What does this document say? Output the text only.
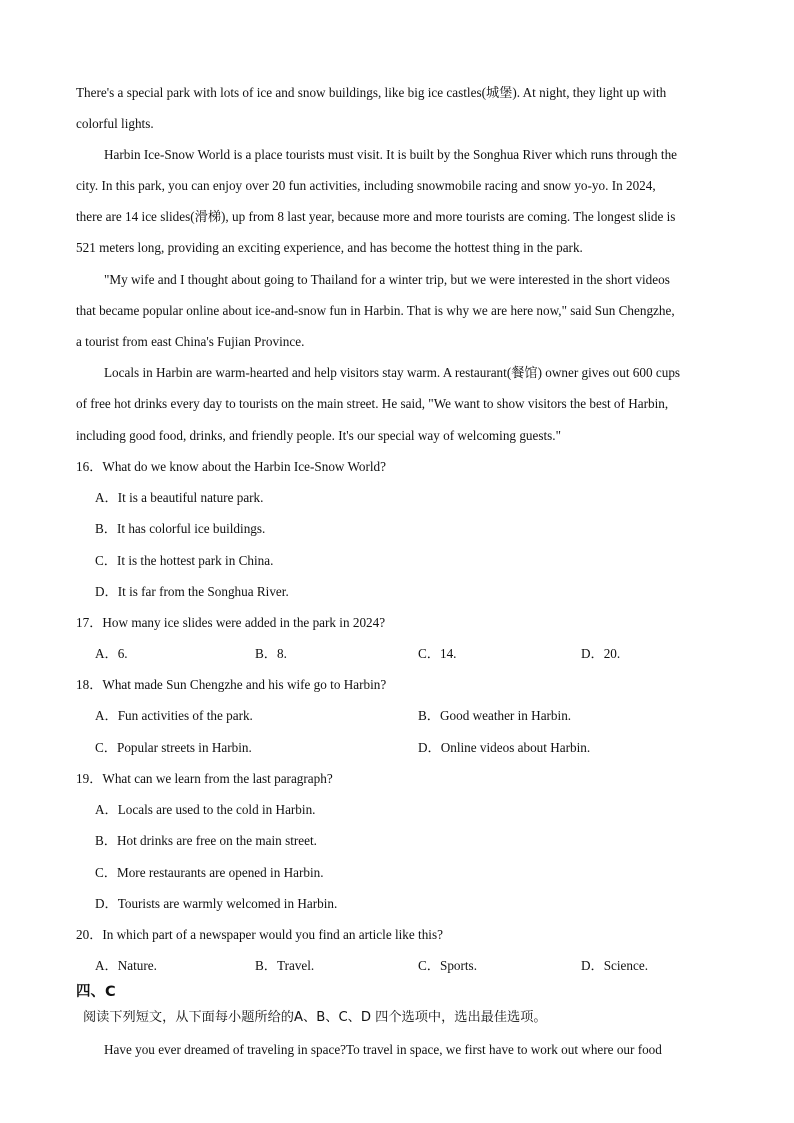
There's a special park with lots of ice and snow buildings, like big ice castles(城堡). At night, they light up with
colorful lights.
Harbin Ice-Snow World is a place tourists must visit. It is built by the Songhua River which runs through the
city. In this park, you can enjoy over 20 fun activities, including snowmobile racing and snow yo-yo. In 2024,
there are 14 ice slides(滑梯), up from 8 last year, because more and more tourists are coming. The longest slide is
521 meters long, providing an exciting experience, and has become the hottest thing in the park.
"My wife and I thought about going to Thailand for a winter trip, but we were interested in the short videos
that became popular online about ice-and-snow fun in Harbin. That is why we are here now," said Sun Chengzhe,
a tourist from east China's Fujian Province.
Locals in Harbin are warm-hearted and help visitors stay warm. A restaurant(餐馆) owner gives out 600 cups
of free hot drinks every day to tourists on the main street. He said, "We want to show visitors the best of Harbin,
including good food, drinks, and friendly people. It's our special way of welcoming guests."
16．What do we know about the Harbin Ice-Snow World?
A．It is a beautiful nature park.
B．It has colorful ice buildings.
C．It is the hottest park in China.
D．It is far from the Songhua River.
17．How many ice slides were added in the park in 2024?
A．6.	B．8.	C．14.	D．20.
18．What made Sun Chengzhe and his wife go to Harbin?
A．Fun activities of the park.	B．Good weather in Harbin.
C．Popular streets in Harbin.	D．Online videos about Harbin.
19．What can we learn from the last paragraph?
A．Locals are used to the cold in Harbin.
B．Hot drinks are free on the main street.
C．More restaurants are opened in Harbin.
D．Tourists are warmly welcomed in Harbin.
20．In which part of a newspaper would you find an article like this?
A．Nature.	B．Travel.	C．Sports.	D．Science.
四、C
阅读下列短文，从下面每小题所给的A、B、C、D 四个选项中，选出最佳选项。
Have you ever dreamed of traveling in space?To travel in space, we first have to work out where our food
